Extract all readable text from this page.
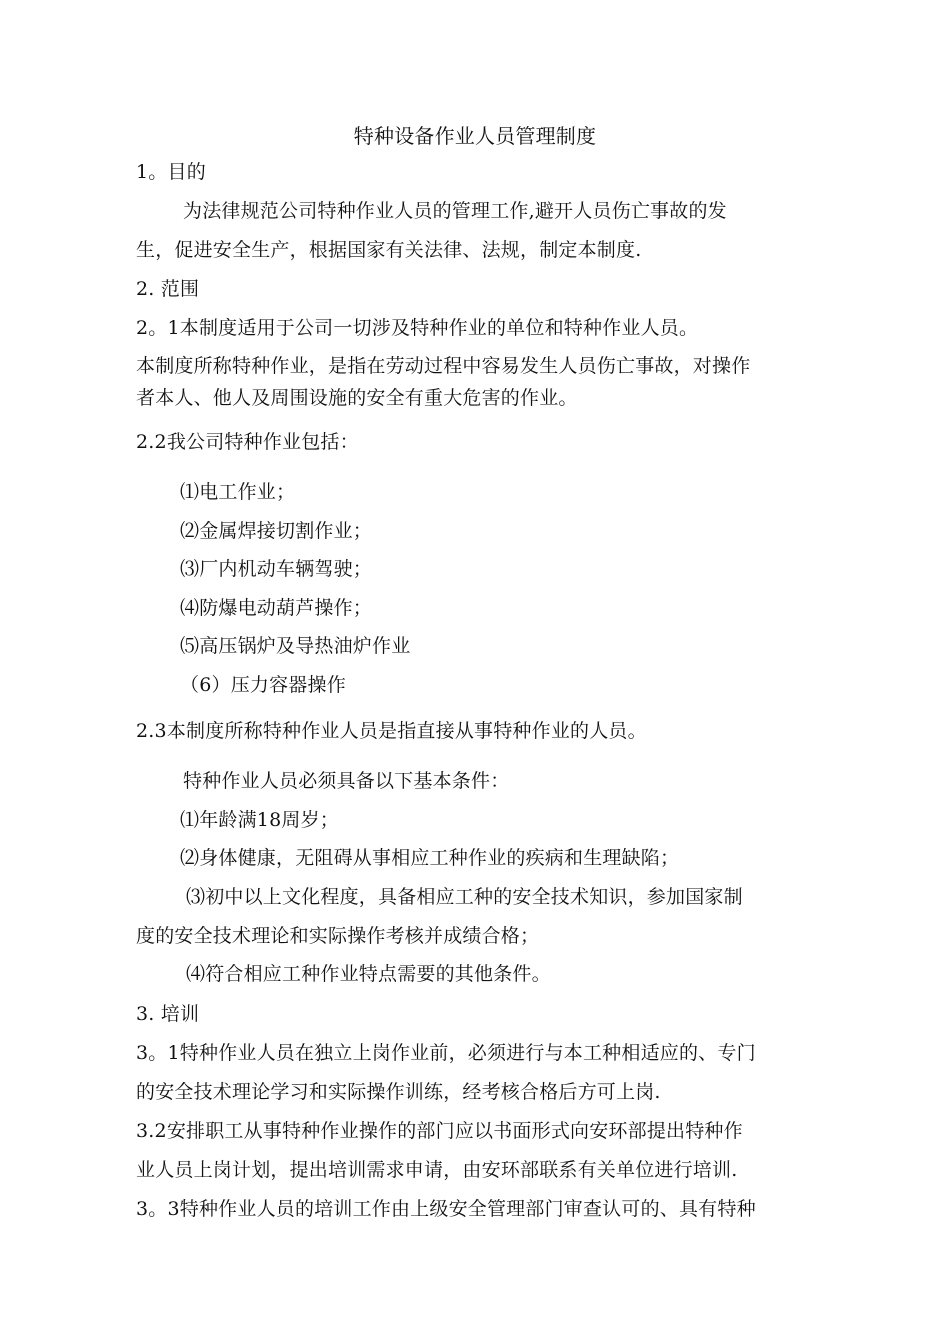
特种设备作业人员管理制度
1。目的
为法律规范公司特种作业人员的管理工作,避开人员伤亡事故的发
生，促进安全生产，根据国家有关法律、法规，制定本制度.
2. 范围
2。1本制度适用于公司一切涉及特种作业的单位和特种作业人员。
本制度所称特种作业，是指在劳动过程中容易发生人员伤亡事故，对操作
者本人、他人及周围设施的安全有重大危害的作业。
2.2我公司特种作业包括：
⑴电工作业；
⑵金属焊接切割作业；
⑶厂内机动车辆驾驶；
⑷防爆电动葫芦操作；
⑸高压锅炉及导热油炉作业
（6）压力容器操作
2.3本制度所称特种作业人员是指直接从事特种作业的人员。
特种作业人员必须具备以下基本条件：
⑴年龄满18周岁；
⑵身体健康，无阻碍从事相应工种作业的疾病和生理缺陷；
⑶初中以上文化程度，具备相应工种的安全技术知识，参加国家制
度的安全技术理论和实际操作考核并成绩合格；
⑷符合相应工种作业特点需要的其他条件。
3. 培训
3。1特种作业人员在独立上岗作业前，必须进行与本工种相适应的、专门
的安全技术理论学习和实际操作训练，经考核合格后方可上岗.
3.2安排职工从事特种作业操作的部门应以书面形式向安环部提出特种作
业人员上岗计划，提出培训需求申请，由安环部联系有关单位进行培训.
3。3特种作业人员的培训工作由上级安全管理部门审查认可的、具有特种
